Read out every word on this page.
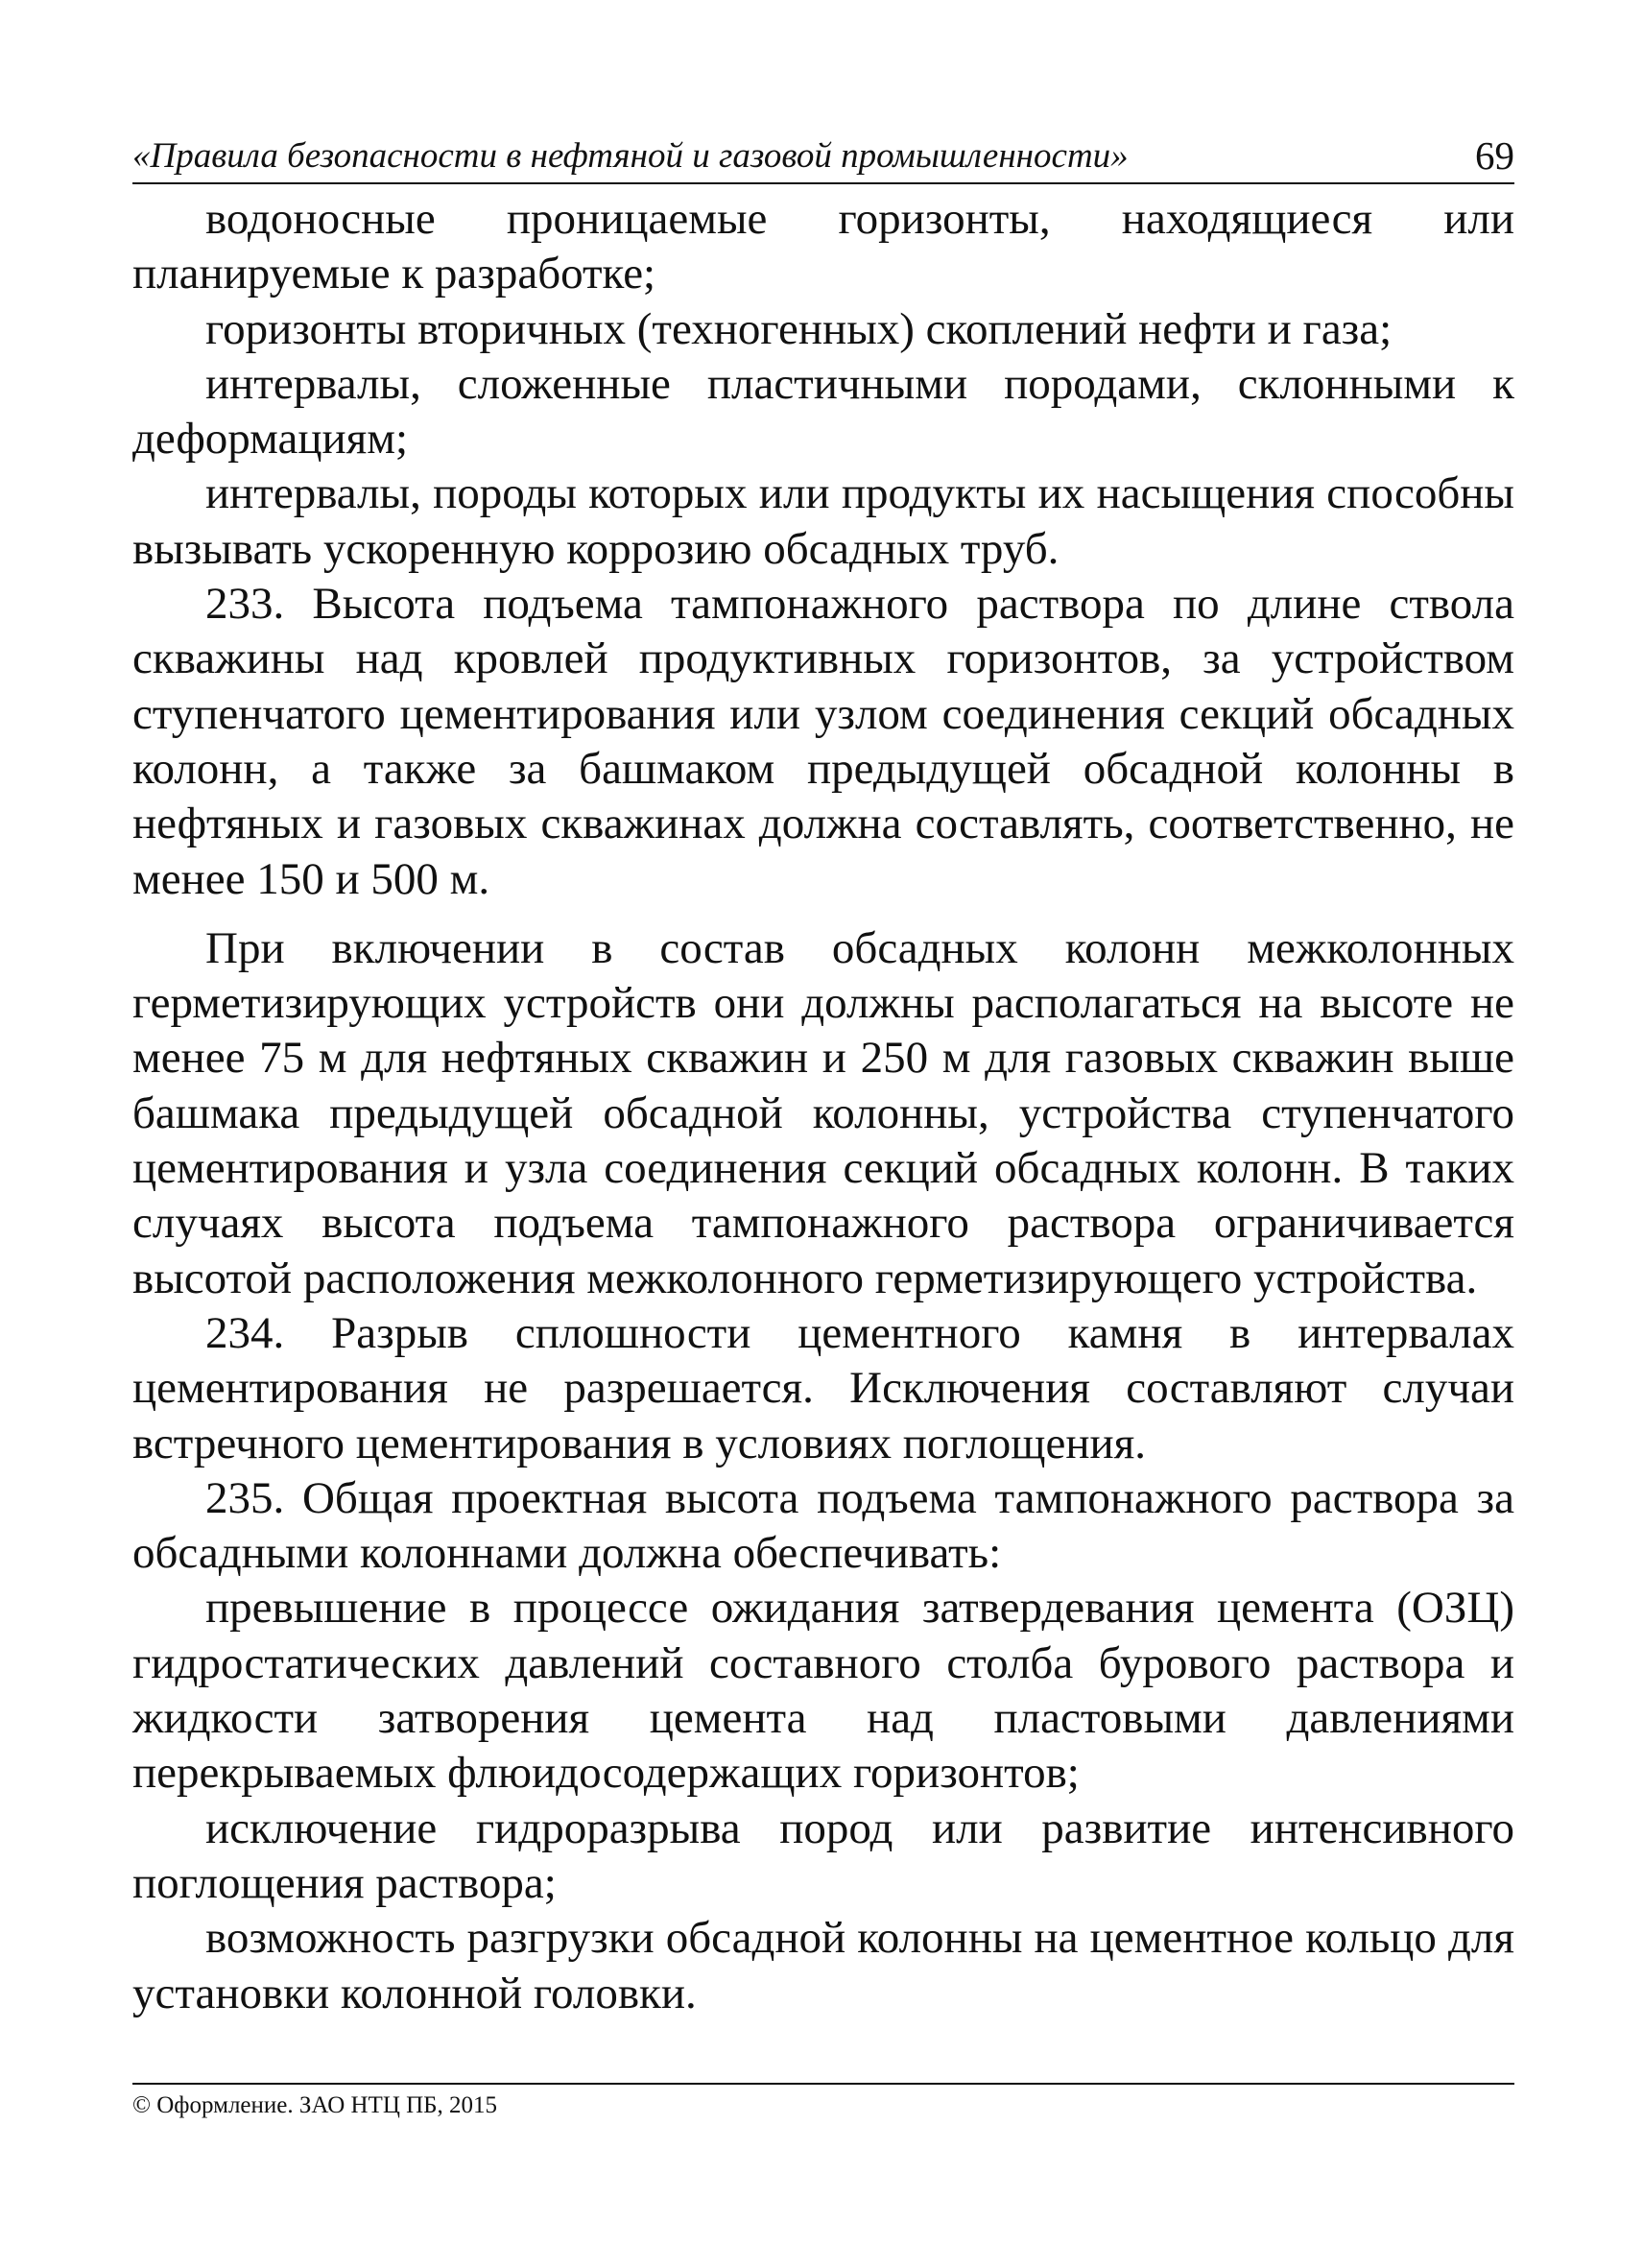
«Правила безопасности в нефтяной и газовой промышленности»	69

водоносные проницаемые горизонты, находящиеся или планируемые к разработке;

горизонты вторичных (техногенных) скоплений нефти и газа;

интервалы, сложенные пластичными породами, склонными к деформациям;

интервалы, породы которых или продукты их насыщения способны вызывать ускоренную коррозию обсадных труб.

233. Высота подъема тампонажного раствора по длине ствола скважины над кровлей продуктивных горизонтов, за устройством ступенчатого цементирования или узлом соединения секций обсадных колонн, а также за башмаком предыдущей обсадной колонны в нефтяных и газовых скважинах должна составлять, соответственно, не менее 150 и 500 м.

При включении в состав обсадных колонн межколонных герметизирующих устройств они должны располагаться на высоте не менее 75 м для нефтяных скважин и 250 м для газовых скважин выше башмака предыдущей обсадной колонны, устройства ступенчатого цементирования и узла соединения секций обсадных колонн. В таких случаях высота подъема тампонажного раствора ограничивается высотой расположения межколонного герметизирующего устройства.

234. Разрыв сплошности цементного камня в интервалах цементирования не разрешается. Исключения составляют случаи встречного цементирования в условиях поглощения.

235. Общая проектная высота подъема тампонажного раствора за обсадными колоннами должна обеспечивать:

превышение в процессе ожидания затвердевания цемента (ОЗЦ) гидростатических давлений составного столба бурового раствора и жидкости затворения цемента над пластовыми давлениями перекрываемых флюидосодержащих горизонтов;

исключение гидроразрыва пород или развитие интенсивного поглощения раствора;

возможность разгрузки обсадной колонны на цементное кольцо для установки колонной головки.

© Оформление. ЗАО НТЦ ПБ, 2015
